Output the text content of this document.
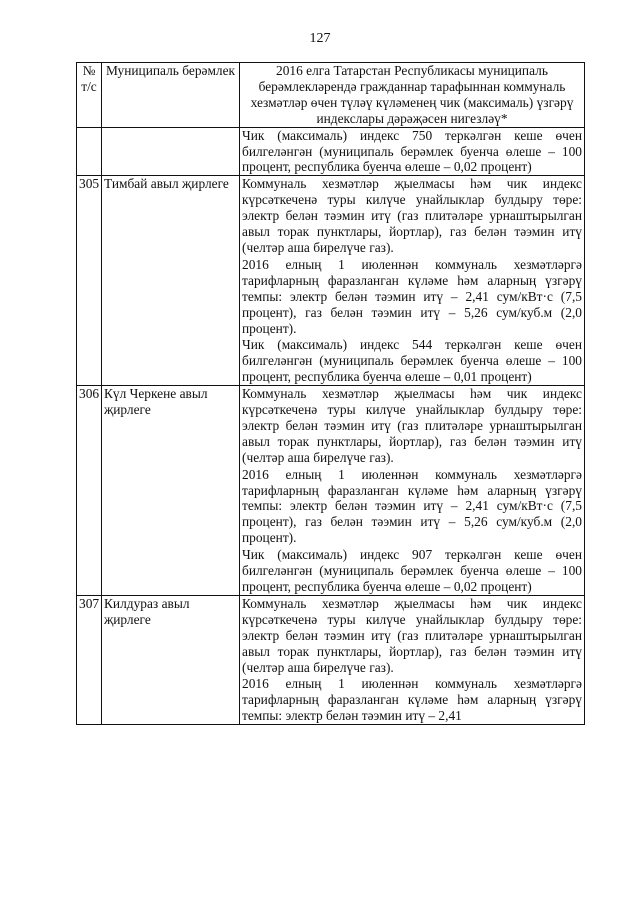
127
№ т/с	Муниципаль берәмлек	2016 елга Татарстан Республикасы муниципаль берәмлекләрендә гражданнар тарафыннан коммуналь хезмәтләр өчен түләү күләменең чик (максималь) үзгәрү индекслары дәрәҗәсен нигезләү*

		Чик (максималь) индекс 750 теркәлгән кеше өчен билгеләнгән (муниципаль берәмлек буенча өлеше – 100 процент, республика буенча өлеше – 0,02 процент)

305	Тимбай авыл җирлеге	Коммуналь хезмәтләр җыелмасы һәм чик индекс күрсәткеченә туры килүче унайлыклар булдыру төре: электр белән тәэмин итү (газ плитәләре урнаштырылган авыл торак пунктлары, йортлар), газ белән тәэмин итү (челтәр аша бирелүче газ).
2016 елның 1 июленнән коммуналь хезмәтләргә тарифларның фаразланган күләме һәм аларның үзгәрү темпы: электр белән тәэмин итү – 2,41 сум/кВт·с (7,5 процент), газ белән тәэмин итү – 5,26 сум/куб.м (2,0 процент).
Чик (максималь) индекс 544 теркәлгән кеше өчен билгеләнгән (муниципаль берәмлек буенча өлеше – 100 процент, республика буенча өлеше – 0,01 процент)

306	Күл Черкене авыл җирлеге	Коммуналь хезмәтләр җыелмасы һәм чик индекс күрсәткеченә туры килүче унайлыклар булдыру төре: электр белән тәэмин итү (газ плитәләре урнаштырылган авыл торак пунктлары, йортлар), газ белән тәэмин итү (челтәр аша бирелүче газ).
2016 елның 1 июленнән коммуналь хезмәтләргә тарифларның фаразланган күләме һәм аларның үзгәрү темпы: электр белән тәэмин итү – 2,41 сум/кВт·с (7,5 процент), газ белән тәэмин итү – 5,26 сум/куб.м (2,0 процент).
Чик (максималь) индекс 907 теркәлгән кеше өчен билгеләнгән (муниципаль берәмлек буенча өлеше – 100 процент, республика буенча өлеше – 0,02 процент)

307	Килдураз авыл җирлеге	Коммуналь хезмәтләр җыелмасы һәм чик индекс күрсәткеченә туры килүче унайлыклар булдыру төре: электр белән тәэмин итү (газ плитәләре урнаштырылган авыл торак пунктлары, йортлар), газ белән тәэмин итү (челтәр аша бирелүче газ).
2016 елның 1 июленнән коммуналь хезмәтләргә тарифларның фаразланган күләме һәм аларның үзгәрү темпы: электр белән тәэмин итү – 2,41
